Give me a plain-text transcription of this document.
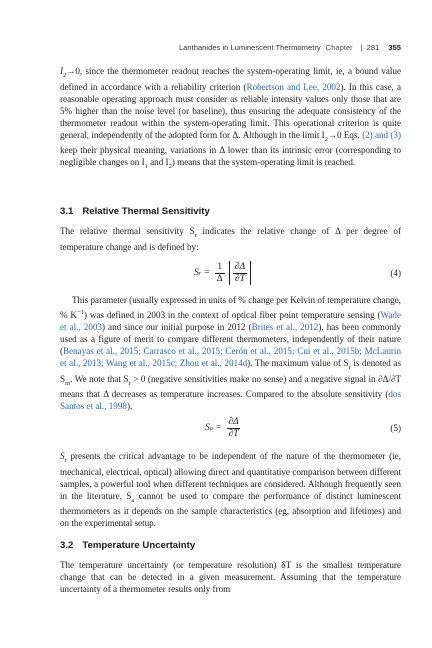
Lanthanides in Luminescent Thermometry Chapter | 281 355

$I_2\to 0$, since the thermometer readout reaches the system-operating limit, ie, a bound value defined in accordance with a reliability criterion (Robertson and Lee, 2002). In this case, a reasonable operating approach must consider as reliable intensity values only those that are 5% higher than the noise level (or baseline), thus ensuring the adequate consistency of the thermometer readout within the system-operating limit. This operational criterion is quite general, independently of the adopted form for Δ. Although in the limit $I_2\to 0$ Eqs. (2) and (3) keep their physical meaning, variations in Δ lower than its intrinsic error (corresponding to negligible changes on $I_1$ and $I_2$) means that the system-operating limit is reached.

3.1 Relative Thermal Sensitivity

The relative thermal sensitivity $S_r$ indicates the relative change of Δ per degree of temperature change and is defined by:

S $r = \frac{1}{\Delta} \frac{\partial\Delta}{\partial T}$	(4)

This parameter (usually expressed in units of % change per Kelvin of temperature change, % $K^{-1}$) was defined in 2003 in the context of optical fiber point temperature sensing (Wade et al., 2003) and since our initial purpose in 2012 (Brites et al., 2012), has been commonly used as a figure of merit to compare different thermometers, independently of their nature (Benayas et al., 2015; Carrasco et al., 2015; Cerón et al., 2015; Cui et al., 2015b; McLaurin et al., 2013; Wang et al., 2015c; Zhou et al., 2014d). The maximum value of $S_r$ is denoted as $S_m$. We note that $S_r > 0$ (negative sensitivities make no sense) and a negative signal in ∂Δ/∂T means that Δ decreases as temperature increases. Compared to the absolute sensitivity (dos Santos et al., 1998),

S $a = \frac{\partial\Delta}{\partial T}$	(5)

$S_r$ presents the critical advantage to be independent of the nature of the thermometer (ie, mechanical, electrical, optical) allowing direct and quantitative comparison between different samples, a powerful tool when different techniques are considered. Although frequently seen in the literature, $S_a$ cannot be used to compare the performance of distinct luminescent thermometers as it depends on the sample characteristics (eg, absorption and lifetimes) and on the experimental setup.

3.2 Temperature Uncertainty

The temperature uncertainty (or temperature resolution) δT is the smallest temperature change that can be detected in a given measurement. Assuming that the temperature uncertainty of a thermometer results only from
